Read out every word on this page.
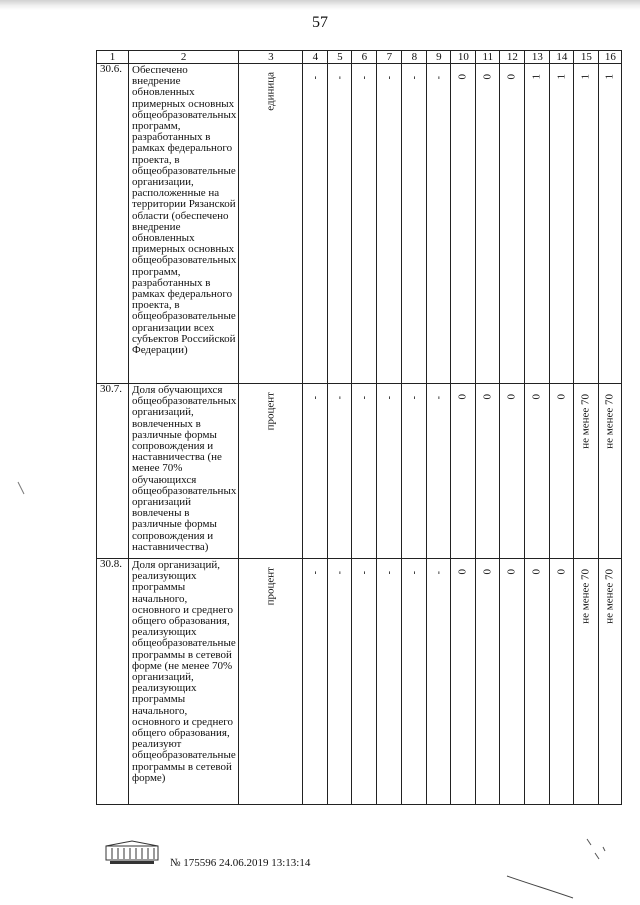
57
1	2	3	4	5	6	7	8	9	10	11	12	13	14	15	16
30.6.	Обеспечено внедрение обновленных примерных основных общеобразовательных программ, разработанных в рамках федерального проекта, в общеобразовательные организации, расположенные на территории Рязанской области (обеспечено внедрение обновленных примерных основных общеобразовательных программ, разработанных в рамках федерального проекта, в общеобразовательные организации всех субъектов Российской Федерации)	единица	-	-	-	-	-	-	0	0	0	1	1	1	1

30.7.	Доля обучающихся общеобразовательных организаций, вовлеченных в различные формы сопровождения и наставничества (не менее 70% обучающихся общеобразовательных организаций вовлечены в различные формы сопровождения и наставничества)	процент	-	-	-	-	-	-	0	0	0	0	0	не менее 70	не менее 70

30.8.	Доля организаций, реализующих программы начального, основного и среднего общего образования, реализующих общеобразовательные программы в сетевой форме (не менее 70% организаций, реализующих программы начального, основного и среднего общего образования, реализуют общеобразовательные программы в сетевой форме)	процент	-	-	-	-	-	-	0	0	0	0	0	не менее 70	не менее 70
№ 175596 24.06.2019 13:13:14
